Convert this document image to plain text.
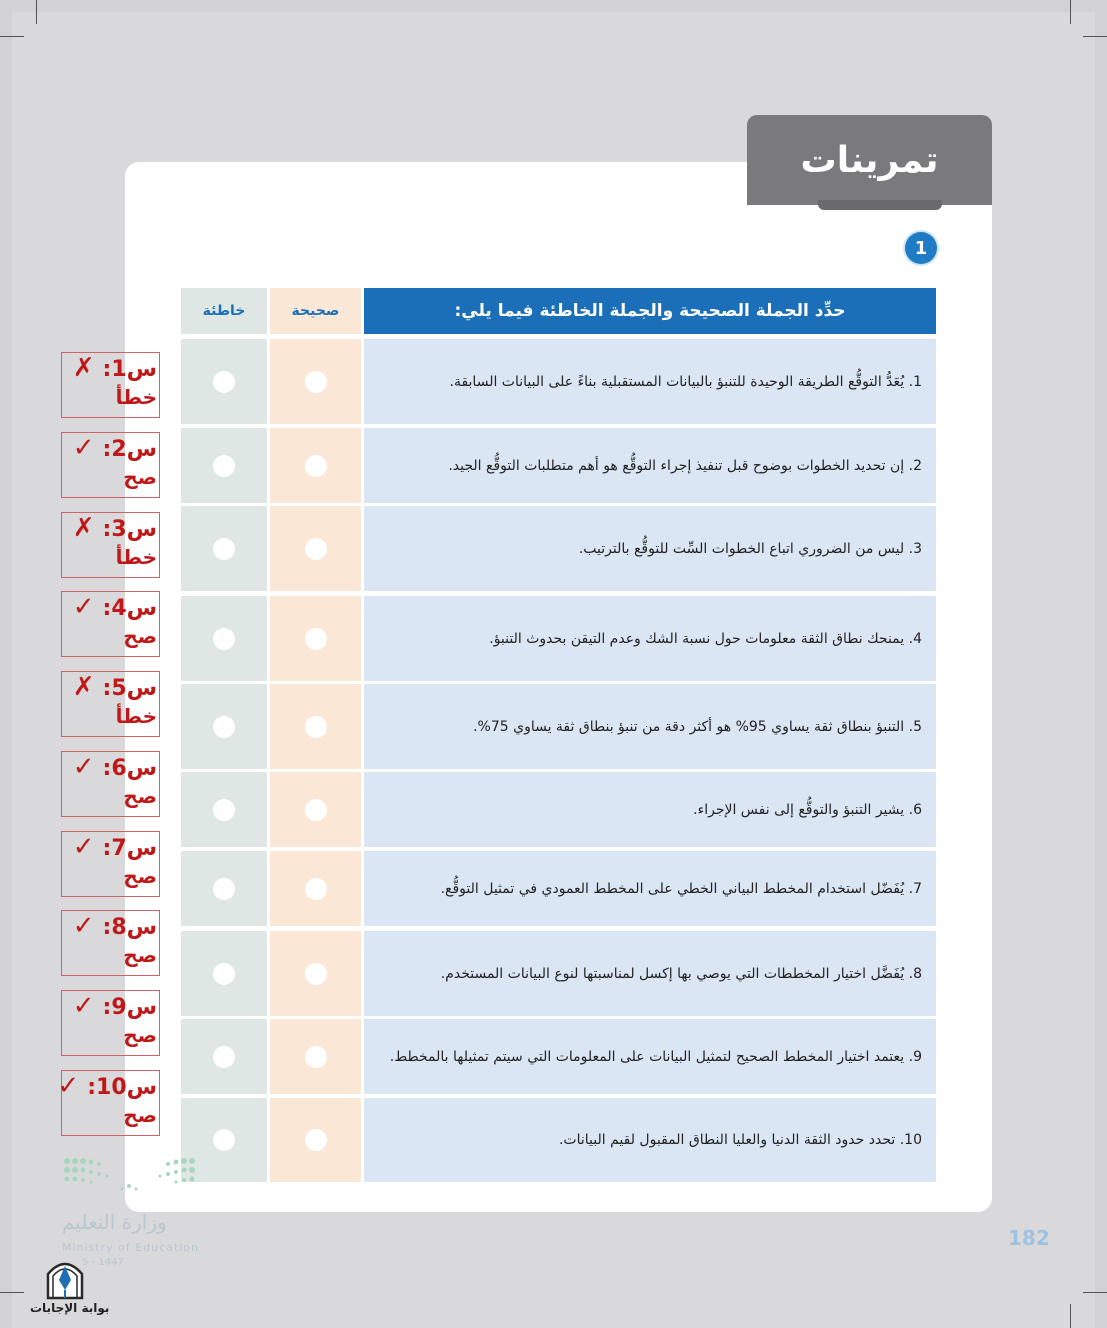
تمرينات
1
حدِّد الجملة الصحيحة والجملة الخاطئة فيما يلي:
صحيحة
خاطئة
1. يُعَدُّ التوقُّع الطريقة الوحيدة للتنبؤ بالبيانات المستقبلية بناءً على البيانات السابقة.
2. إن تحديد الخطوات بوضوح قبل تنفيذ إجراء التوقُّع هو أهم متطلبات التوقُّع الجيد.
3. ليس من الضروري اتباع الخطوات السِّت للتوقُّع بالترتيب.
4. يمنحك نطاق الثقة معلومات حول نسبة الشك وعدم التيقن بحدوث التنبؤ.
5. التنبؤ بنطاق ثقة يساوي 95% هو أكثر دقة من تنبؤ بنطاق ثقة يساوي 75%.
6. يشير التنبؤ والتوقُّع إلى نفس الإجراء.
7. يُفَضّل استخدام المخطط البياني الخطي على المخطط العمودي في تمثيل التوقُّع.
8. يُفَضَّل اختيار المخططات التي يوصي بها إكسل لمناسبتها لنوع البيانات المستخدم.
9. يعتمد اختيار المخطط الصحيح لتمثيل البيانات على المعلومات التي سيتم تمثيلها بالمخطط.
10. تحدد حدود الثقة الدنيا والعليا النطاق المقبول لقيم البيانات.
س1:✗
خطأ
س2:✓
صح
س3:✗
خطأ
س4:✓
صح
س5:✗
خطأ
س6:✓
صح
س7:✓
صح
س8:✓
صح
س9:✓
صح
س10:✓
صح
وزارة التعليم
Ministry of Education
5 - 1447
بوابة الإجابات
182
